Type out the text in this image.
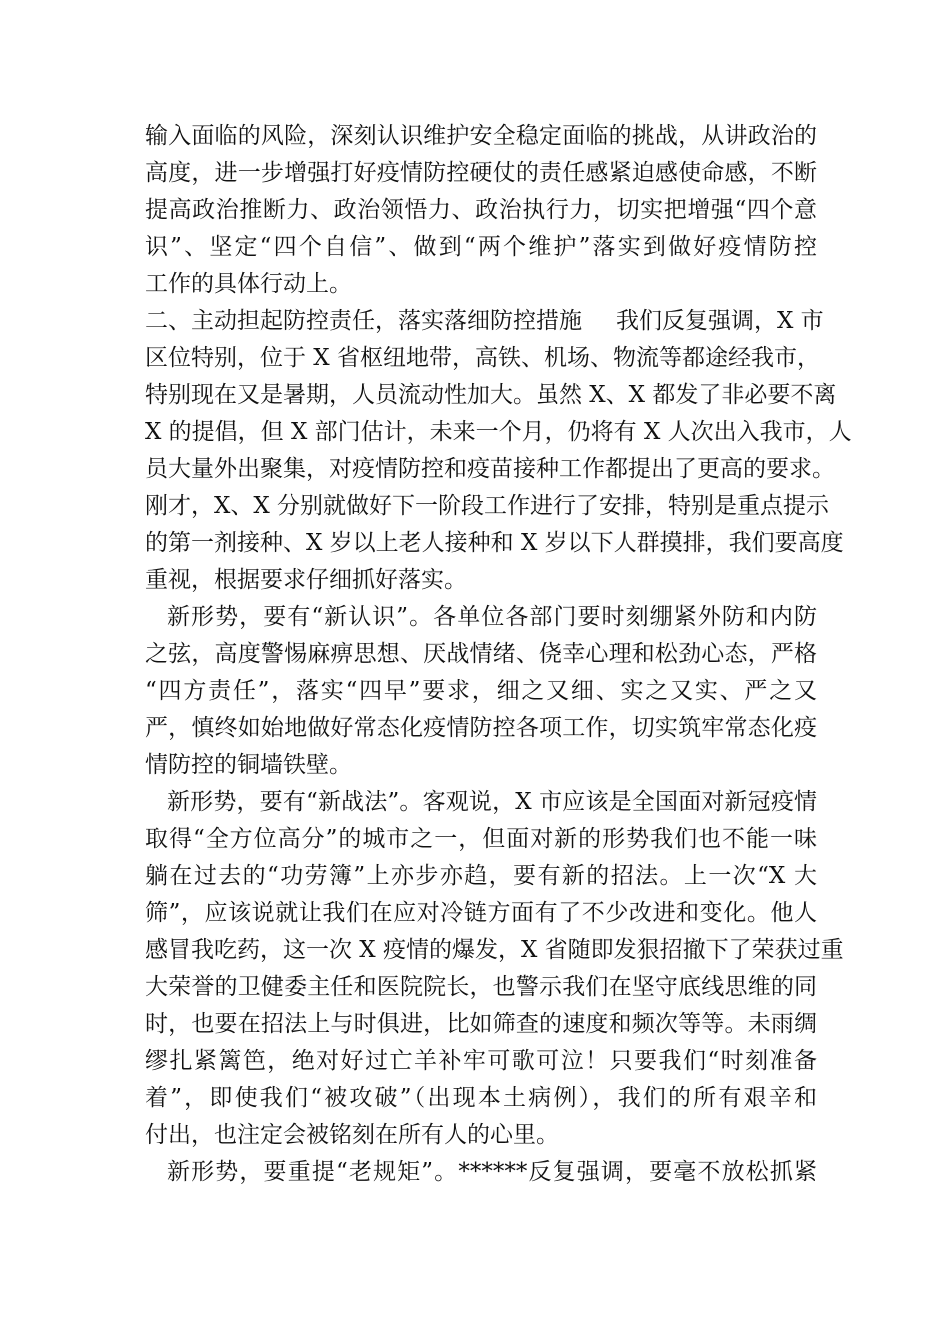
输入面临的风险，深刻认识维护安全稳定面临的挑战，从讲政治的
高度，进一步增强打好疫情防控硬仗的责任感紧迫感使命感，不断
提高政治推断力、政治领悟力、政治执行力，切实把增强“四个意
识”、坚定“四个自信”、做到“两个维护”落实到做好疫情防控
工作的具体行动上。
二、主动担起防控责任，落实落细防控措施 我们反复强调，X 市
区位特别，位于 X 省枢纽地带，高铁、机场、物流等都途经我市，
特别现在又是暑期，人员流动性加大。虽然 X、X 都发了非必要不离
X 的提倡，但 X 部门估计，未来一个月，仍将有 X 人次出入我市，人
员大量外出聚集，对疫情防控和疫苗接种工作都提出了更高的要求。
刚才，X、X 分别就做好下一阶段工作进行了安排，特别是重点提示
的第一剂接种、X 岁以上老人接种和 X 岁以下人群摸排，我们要高度
重视，根据要求仔细抓好落实。
新形势，要有“新认识”。各单位各部门要时刻绷紧外防和内防
之弦，高度警惕麻痹思想、厌战情绪、侥幸心理和松劲心态，严格
“四方责任”，落实“四早”要求，细之又细、实之又实、严之又
严，慎终如始地做好常态化疫情防控各项工作，切实筑牢常态化疫
情防控的铜墙铁壁。
新形势，要有“新战法”。客观说，X 市应该是全国面对新冠疫情
取得“全方位高分”的城市之一，但面对新的形势我们也不能一味
躺在过去的“功劳簿”上亦步亦趋，要有新的招法。上一次“X 大
筛”，应该说就让我们在应对冷链方面有了不少改进和变化。他人
感冒我吃药，这一次 X 疫情的爆发，X 省随即发狠招撤下了荣获过重
大荣誉的卫健委主任和医院院长，也警示我们在坚守底线思维的同
时，也要在招法上与时俱进，比如筛查的速度和频次等等。未雨绸
缪扎紧篱笆，绝对好过亡羊补牢可歌可泣！只要我们“时刻准备
着”，即使我们“被攻破”（出现本土病例），我们的所有艰辛和
付出，也注定会被铭刻在所有人的心里。
新形势，要重提“老规矩”。******反复强调，要毫不放松抓紧
